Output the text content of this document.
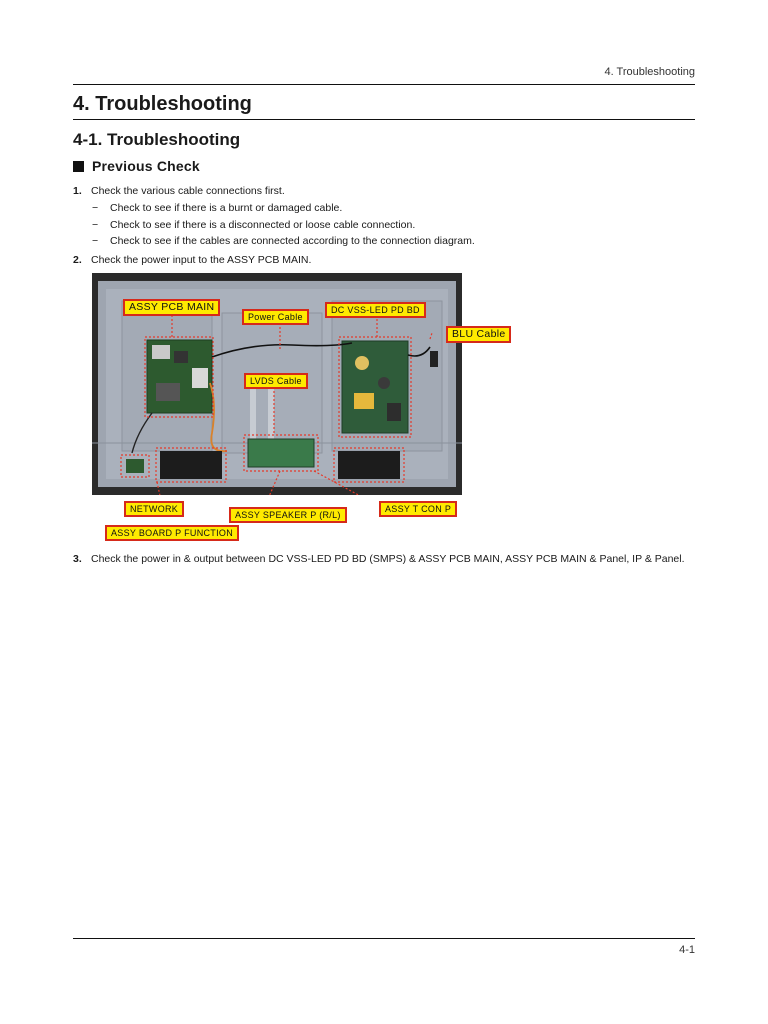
4. Troubleshooting
4. Troubleshooting
4-1. Troubleshooting
Previous Check
1. Check the various cable connections first.
− Check to see if there is a burnt or damaged cable.
− Check to see if there is a disconnected or loose cable connection.
− Check to see if the cables are connected according to the connection diagram.
2. Check the power input to the ASSY PCB MAIN.
ASSY PCB MAIN
Power Cable
DC VSS-LED PD BD
BLU Cable
LVDS Cable
NETWORK
ASSY SPEAKER P (R/L)
ASSY T CON P
ASSY BOARD P FUNCTION
3. Check the power in & output between DC VSS-LED PD BD (SMPS) & ASSY PCB MAIN, ASSY PCB MAIN & Panel, IP & Panel.
4-1
